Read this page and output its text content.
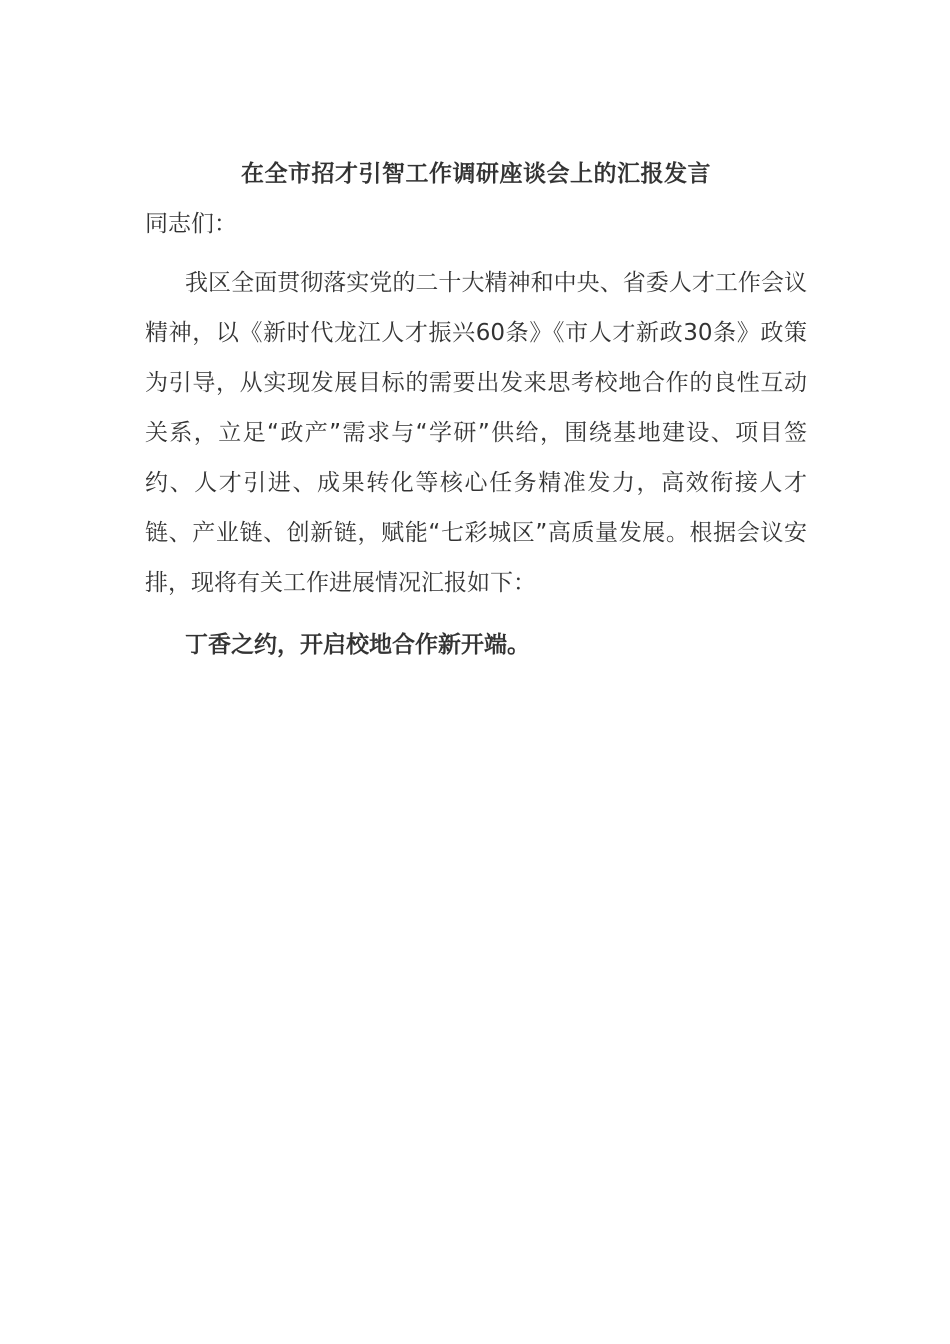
在全市招才引智工作调研座谈会上的汇报发言

同志们：

我区全面贯彻落实党的二十大精神和中央、省委人才工作会议精神，以《新时代龙江人才振兴60条》《市人才新政30条》政策为引导，从实现发展目标的需要出发来思考校地合作的良性互动关系，立足“政产”需求与“学研”供给，围绕基地建设、项目签约、人才引进、成果转化等核心任务精准发力，高效衔接人才链、产业链、创新链，赋能“七彩城区”高质量发展。根据会议安排，现将有关工作进展情况汇报如下：

丁香之约，开启校地合作新开端。
